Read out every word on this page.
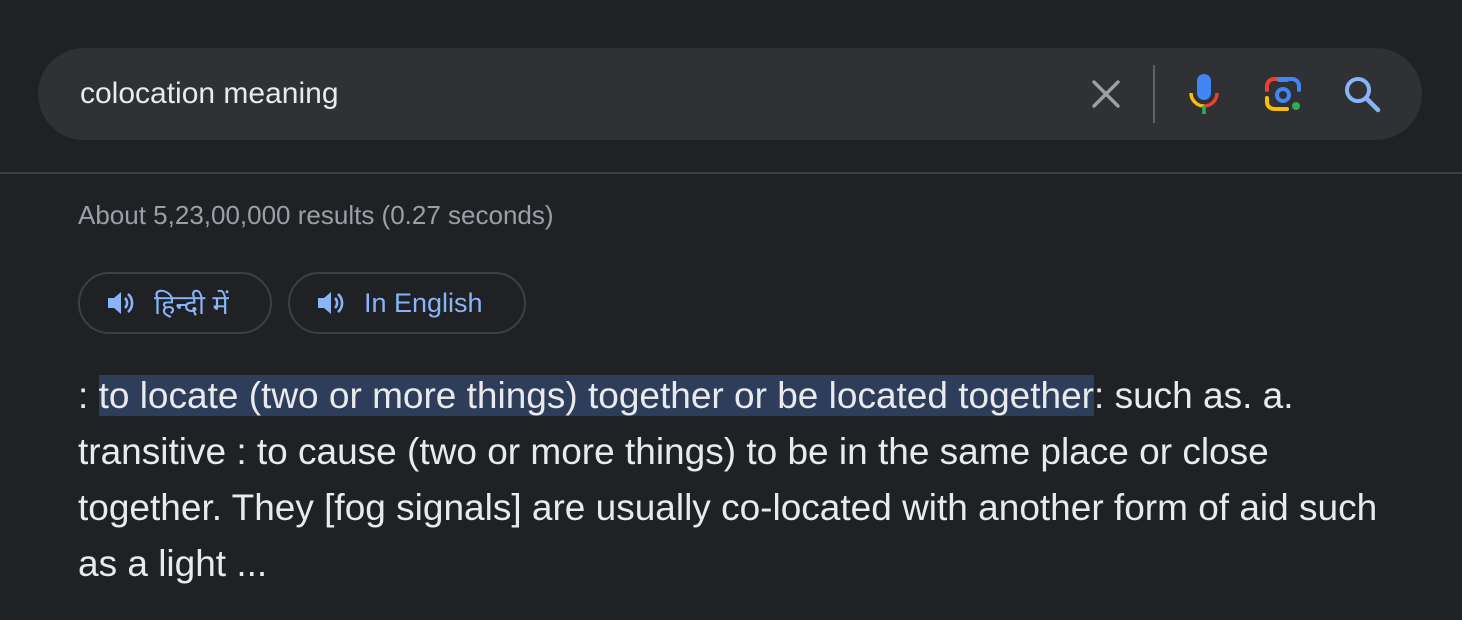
colocation meaning
About 5,23,00,000 results (0.27 seconds)
हिन्दी में	In English
: to locate (two or more things) together or be located together: such as. a. transitive : to cause (two or more things) to be in the same place or close together. They [fog signals] are usually co-located with another form of aid such as a light ...
